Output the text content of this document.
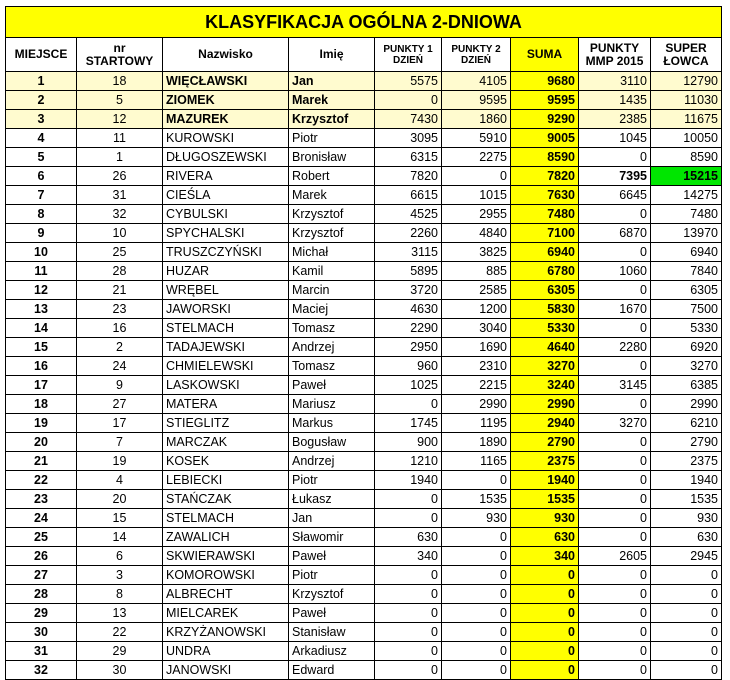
KLASYFIKACJA OGÓLNA 2-DNIOWA								
MIEJSCE	nr STARTOWY	Nazwisko	Imię	PUNKTY 1 DZIEŃ	PUNKTY 2 DZIEŃ	SUMA	PUNKTY MMP 2015	SUPER ŁOWCA
1	18	WIĘCŁAWSKI	Jan	5575	4105	9680	3110	12790
2	5	ZIOMEK	Marek	0	9595	9595	1435	11030
3	12	MAZUREK	Krzysztof	7430	1860	9290	2385	11675
4	11	KUROWSKI	Piotr	3095	5910	9005	1045	10050
5	1	DŁUGOSZEWSKI	Bronisław	6315	2275	8590	0	8590
6	26	RIVERA	Robert	7820	0	7820	7395	15215
7	31	CIEŚLA	Marek	6615	1015	7630	6645	14275
8	32	CYBULSKI	Krzysztof	4525	2955	7480	0	7480
9	10	SPYCHALSKI	Krzysztof	2260	4840	7100	6870	13970
10	25	TRUSZCZYŃSKI	Michał	3115	3825	6940	0	6940
11	28	HUZAR	Kamil	5895	885	6780	1060	7840
12	21	WRĘBEL	Marcin	3720	2585	6305	0	6305
13	23	JAWORSKI	Maciej	4630	1200	5830	1670	7500
14	16	STELMACH	Tomasz	2290	3040	5330	0	5330
15	2	TADAJEWSKI	Andrzej	2950	1690	4640	2280	6920
16	24	CHMIELEWSKI	Tomasz	960	2310	3270	0	3270
17	9	LASKOWSKI	Paweł	1025	2215	3240	3145	6385
18	27	MATERA	Mariusz	0	2990	2990	0	2990
19	17	STIEGLITZ	Markus	1745	1195	2940	3270	6210
20	7	MARCZAK	Bogusław	900	1890	2790	0	2790
21	19	KOSEK	Andrzej	1210	1165	2375	0	2375
22	4	LEBIECKI	Piotr	1940	0	1940	0	1940
23	20	STAŃCZAK	Łukasz	0	1535	1535	0	1535
24	15	STELMACH	Jan	0	930	930	0	930
25	14	ZAWALICH	Sławomir	630	0	630	0	630
26	6	SKWIERAWSKI	Paweł	340	0	340	2605	2945
27	3	KOMOROWSKI	Piotr	0	0	0	0	0
28	8	ALBRECHT	Krzysztof	0	0	0	0	0
29	13	MIELCAREK	Paweł	0	0	0	0	0
30	22	KRZYŻANOWSKI	Stanisław	0	0	0	0	0
31	29	UNDRA	Arkadiusz	0	0	0	0	0
32	30	JANOWSKI	Edward	0	0	0	0	0
